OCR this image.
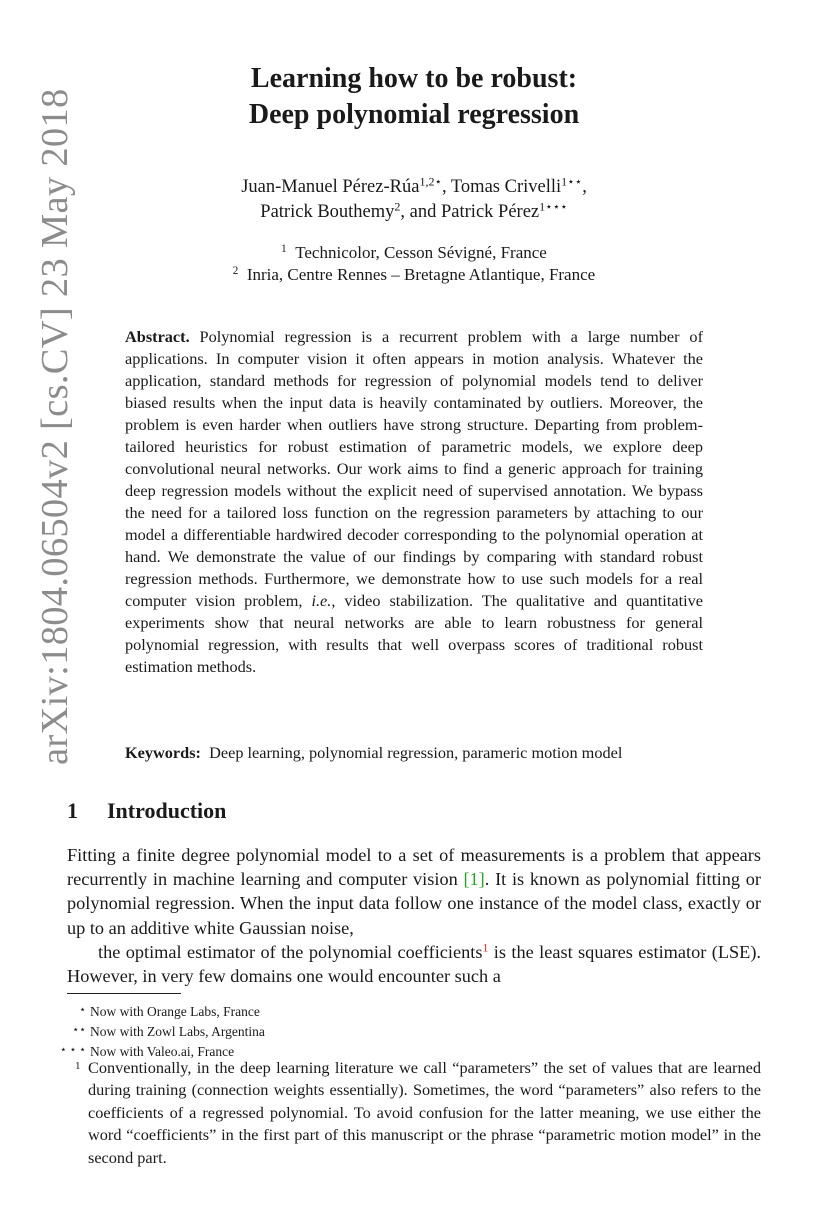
arXiv:1804.06504v2 [cs.CV] 23 May 2018
Learning how to be robust:
Deep polynomial regression
Juan-Manuel Pérez-Rúa$^{1,2⋆}$, Tomas Crivelli$^{1⋆⋆}$,
Patrick Bouthemy$^2$, and Patrick Pérez$^{1⋆⋆⋆}$
$^1$ Technicolor, Cesson Sévigné, France
$^2$ Inria, Centre Rennes – Bretagne Atlantique, France
Abstract. Polynomial regression is a recurrent problem with a large number of applications. In computer vision it often appears in motion analysis. Whatever the application, standard methods for regression of polynomial models tend to deliver biased results when the input data is heavily contaminated by outliers. Moreover, the problem is even harder when outliers have strong structure. Departing from problem-tailored heuristics for robust estimation of parametric models, we explore deep convolutional neural networks. Our work aims to find a generic approach for training deep regression models without the explicit need of supervised annotation. We bypass the need for a tailored loss function on the regression parameters by attaching to our model a differentiable hardwired decoder corresponding to the polynomial operation at hand. We demonstrate the value of our findings by comparing with standard robust regression methods. Furthermore, we demonstrate how to use such models for a real computer vision problem, i.e., video stabilization. The qualitative and quantitative experiments show that neural networks are able to learn robustness for general polynomial regression, with results that well overpass scores of traditional robust estimation methods.
Keywords: Deep learning, polynomial regression, parameric motion model
1 Introduction

Fitting a finite degree polynomial model to a set of measurements is a problem that appears recurrently in machine learning and computer vision [1]. It is known as polynomial fitting or polynomial regression. When the input data follow one instance of the model class, exactly or up to an additive white Gaussian noise,

the optimal estimator of the polynomial coefficients$^1$ is the least squares estimator (LSE). However, in very few domains one would encounter such a

⋆ Now with Orange Labs, France
⋆⋆ Now with Zowl Labs, Argentina
⋆ ⋆ ⋆ Now with Valeo.ai, France
1 Conventionally, in the deep learning literature we call “parameters” the set of values that are learned during training (connection weights essentially). Sometimes, the word “parameters” also refers to the coefficients of a regressed polynomial. To avoid confusion for the latter meaning, we use either the word “coefficients” in the first part of this manuscript or the phrase “parametric motion model” in the second part.
